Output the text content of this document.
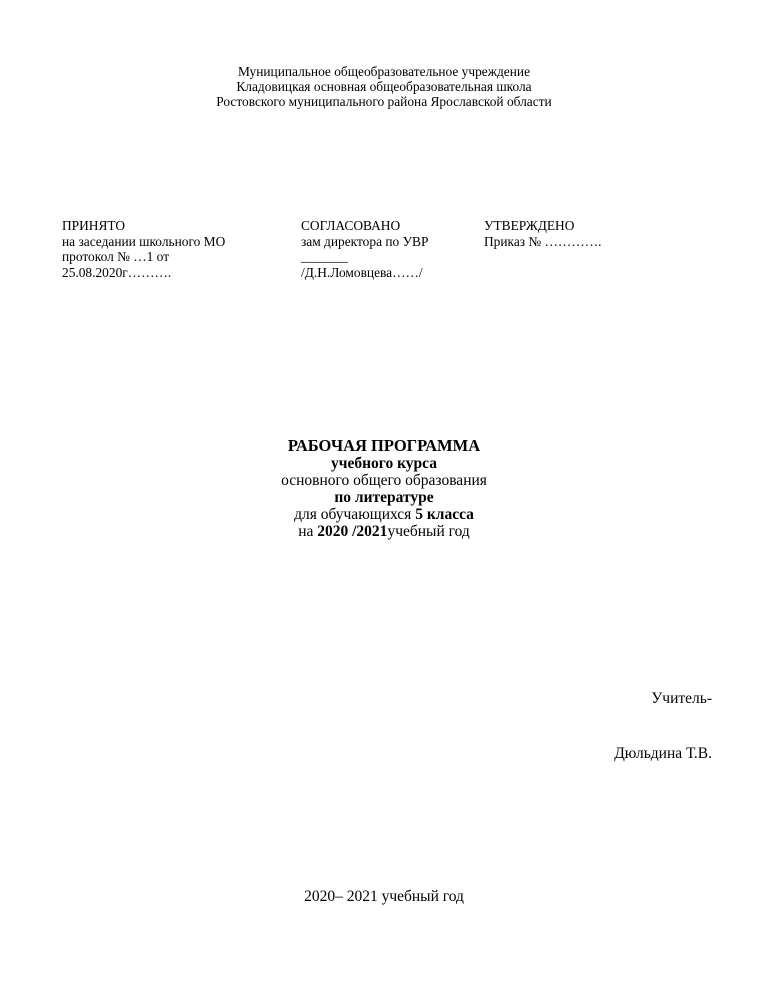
Муниципальное общеобразовательное учреждение
Кладовицкая основная общеобразовательная школа
Ростовского муниципального района Ярославской области
ПРИНЯТО
на заседании школьного МО
протокол № …1 от
25.08.2020г……….
СОГЛАСОВАНО
зам директора по УВР
_______
/Д.Н.Ломовцева……/
УТВЕРЖДЕНО
Приказ № ………….
РАБОЧАЯ ПРОГРАММА
учебного курса
основного общего образования
по литературе
для обучающихся 5 класса
на 2020 /2021учебный год
Учитель-
Дюльдина Т.В.
2020– 2021 учебный год
